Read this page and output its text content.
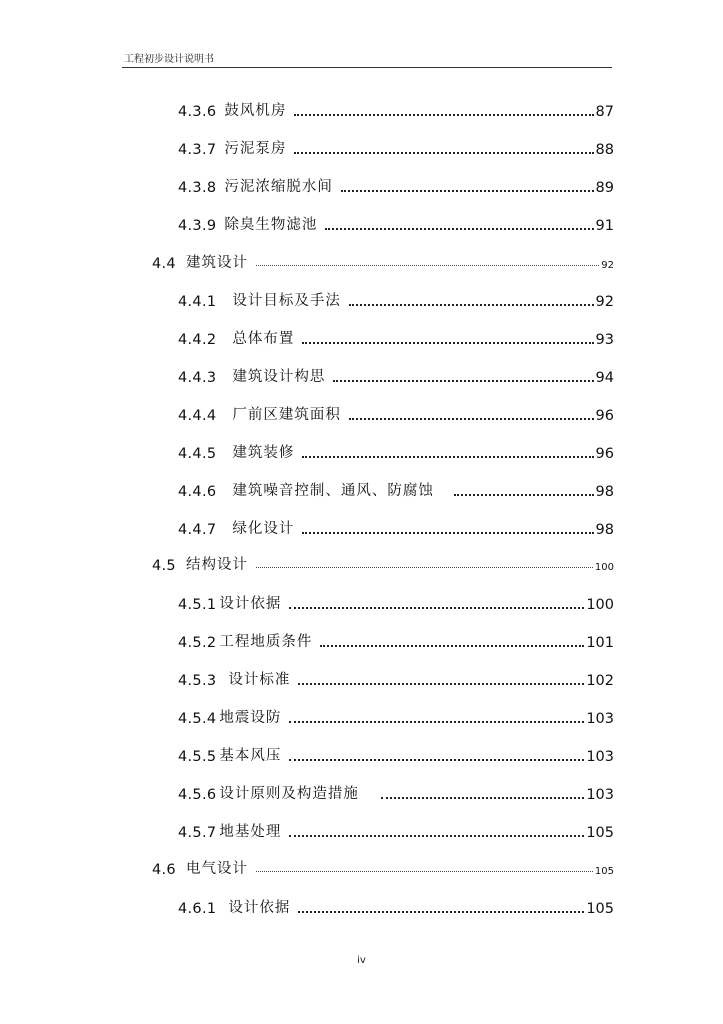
工程初步设计说明书
4.3.6 鼓风机房	87
4.3.7 污泥泵房	88
4.3.8 污泥浓缩脱水间	89
4.3.9 除臭生物滤池	91
4.4 建筑设计	92
4.4.1 设计目标及手法	92
4.4.2 总体布置	93
4.4.3 建筑设计构思	94
4.4.4 厂前区建筑面积	96
4.4.5 建筑装修	96
4.4.6 建筑噪音控制、通风、防腐蚀	98
4.4.7 绿化设计	98
4.5 结构设计	100
4.5.1 设计依据	100
4.5.2 工程地质条件	101
4.5.3 设计标准	102
4.5.4 地震设防	103
4.5.5 基本风压	103
4.5.6 设计原则及构造措施	103
4.5.7 地基处理	105
4.6 电气设计	105
4.6.1 设计依据	105
iv
